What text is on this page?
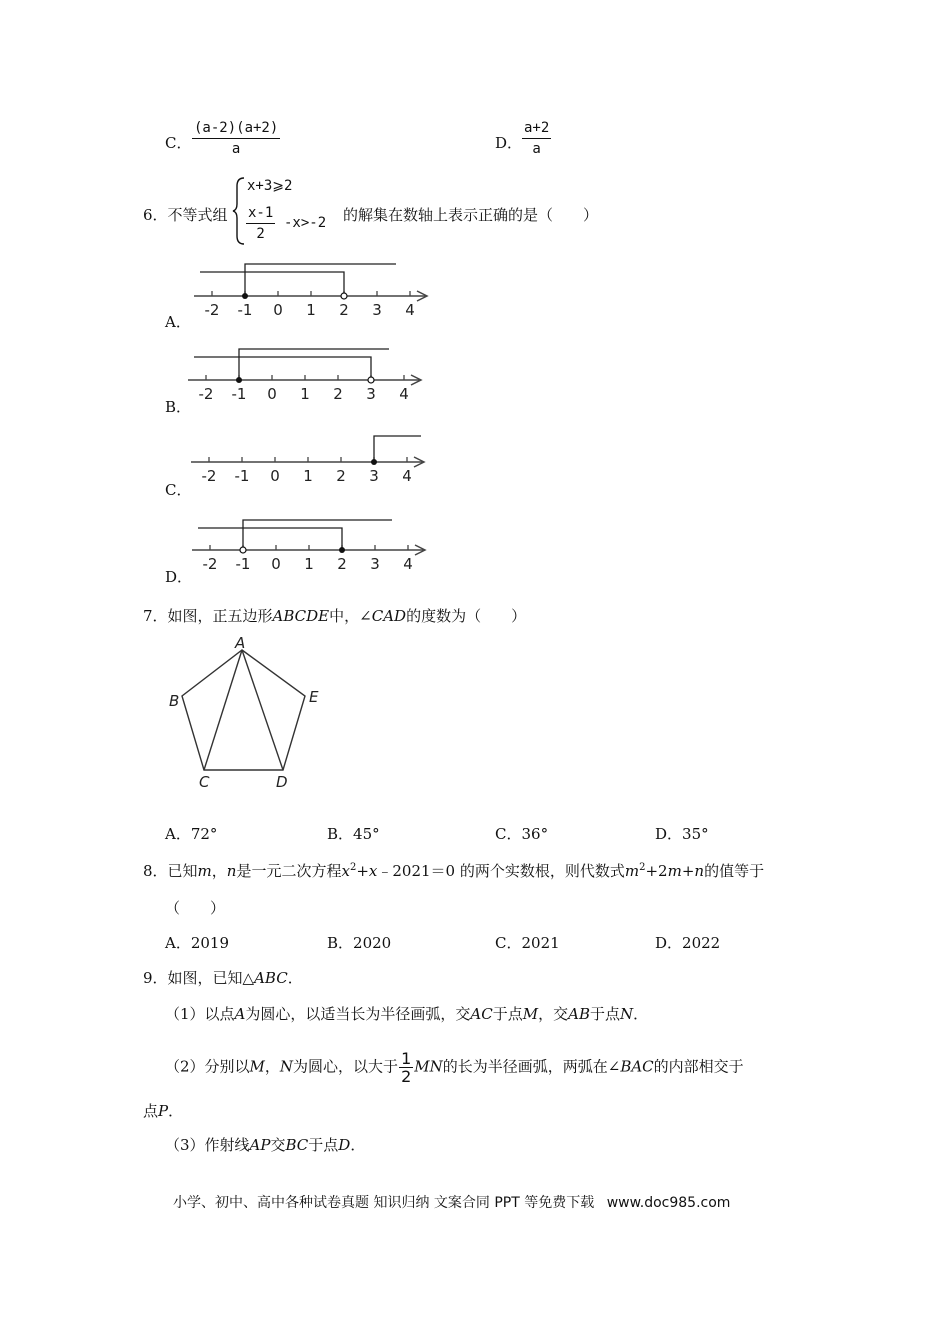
C． $\frac{(a-2)(a+2)}{a}$	D． $\frac{a+2}{a}$
6．不等式组
x+3⩾2
$\frac{x-1}{2} -x>-2$ 的解集在数轴上表示正确的是（　　）
A．
-2 -1 0 1 2 3 4
B．
-2 -1 0 1 2 3 4
C．
-2 -1 0 1 2 3 4
D．
-2 -1 0 1 2 3 4
7．如图，正五边形ABCDE中，∠CAD的度数为（　　）
A
B
C	D
E
A．72°	B．45°	C．36°	D．35°
8．已知m，n是一元二次方程$x^2+x﹣2021=0$ 的两个实数根，则代数式$m^2+2m+n$的值等于
（　　）
A．2019	B．2020	C．2021	D．2022
9．如图，已知△ABC．
（1）以点A为圆心，以适当长为半径画弧，交AC于点M，交AB于点N．
（2）分别以M，N为圆心，以大于 $\frac{1}{2}$ MN的长为半径画弧，两弧在∠BAC的内部相交于
点P．
（3）作射线AP交BC于点D．
小学、初中、高中各种试卷真题 知识归纳 文案合同 PPT 等免费下载 www.doc985.com
